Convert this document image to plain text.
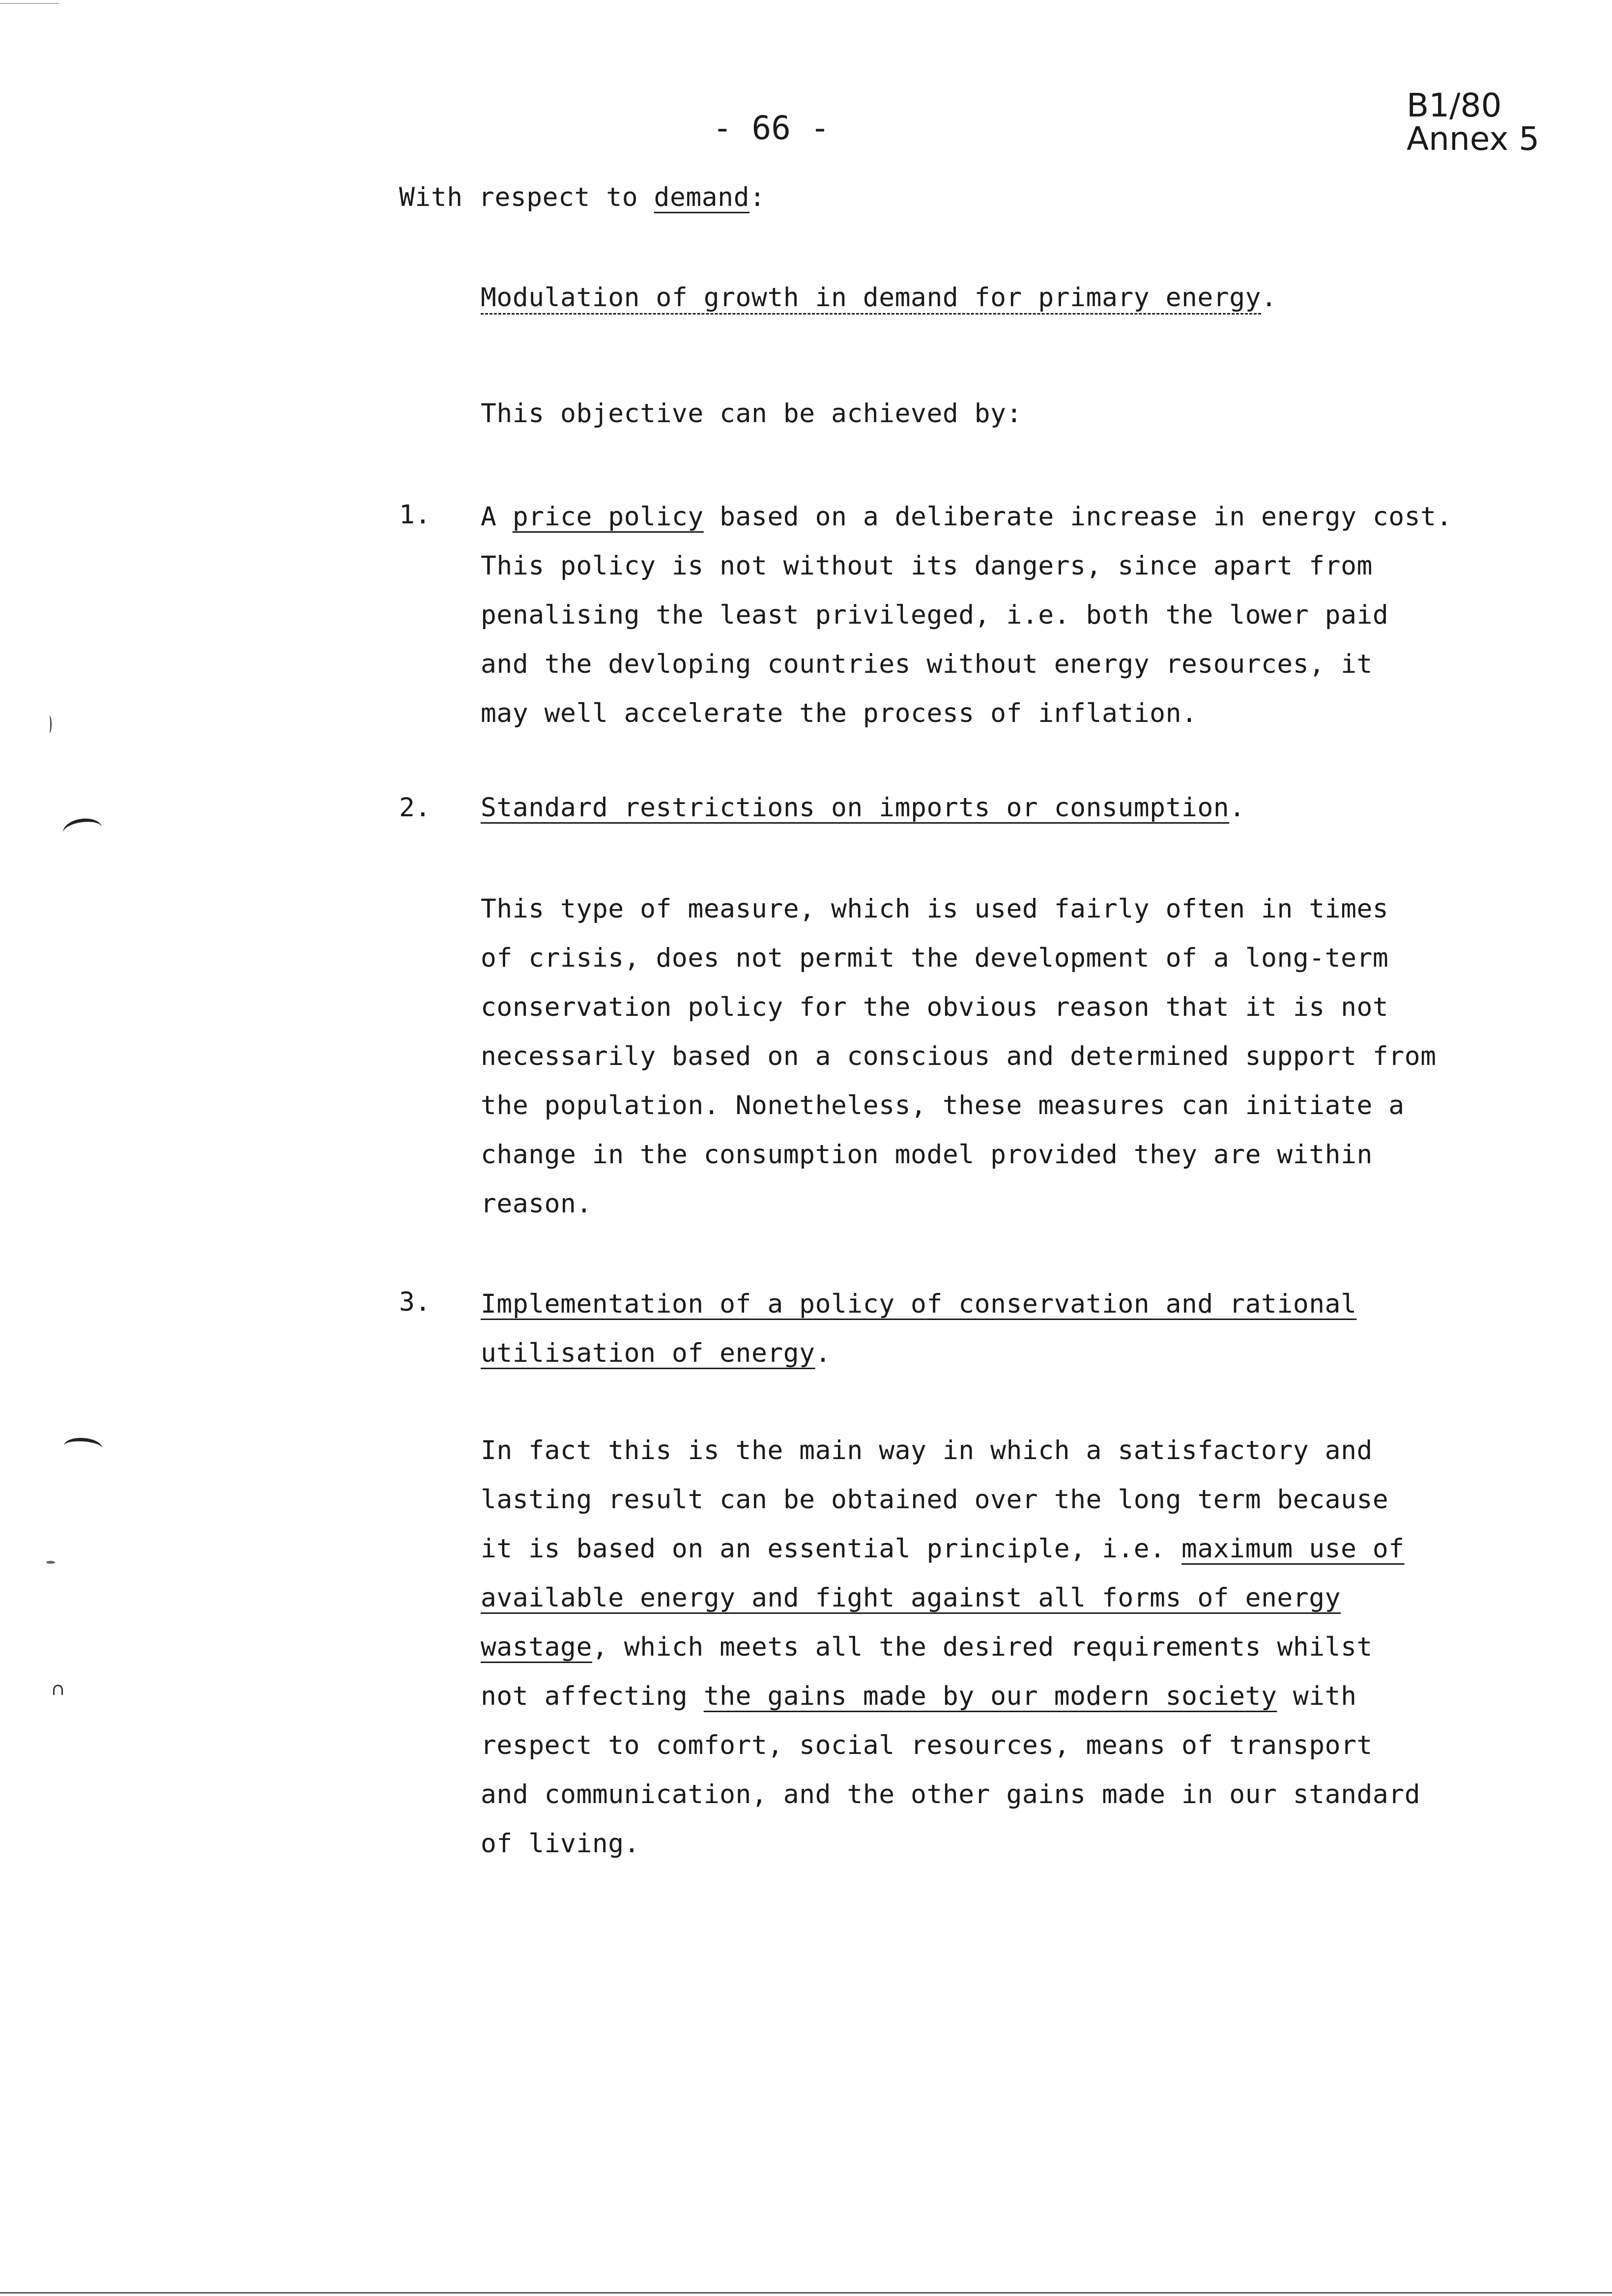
- 66 -
B1/80
Annex 5
With respect to demand:
Modulation of growth in demand for primary energy.
This objective can be achieved by:
1. A price policy based on a deliberate increase in energy cost.
This policy is not without its dangers, since apart from
penalising the least privileged, i.e. both the lower paid
and the devloping countries without energy resources, it
may well accelerate the process of inflation.
2. Standard restrictions on imports or consumption.
This type of measure, which is used fairly often in times
of crisis, does not permit the development of a long-term
conservation policy for the obvious reason that it is not
necessarily based on a conscious and determined support from
the population. Nonetheless, these measures can initiate a
change in the consumption model provided they are within
reason.
3. Implementation of a policy of conservation and rational
utilisation of energy.
In fact this is the main way in which a satisfactory and
lasting result can be obtained over the long term because
it is based on an essential principle, i.e. maximum use of
available energy and fight against all forms of energy
wastage, which meets all the desired requirements whilst
not affecting the gains made by our modern society with
respect to comfort, social resources, means of transport
and communication, and the other gains made in our standard
of living.
